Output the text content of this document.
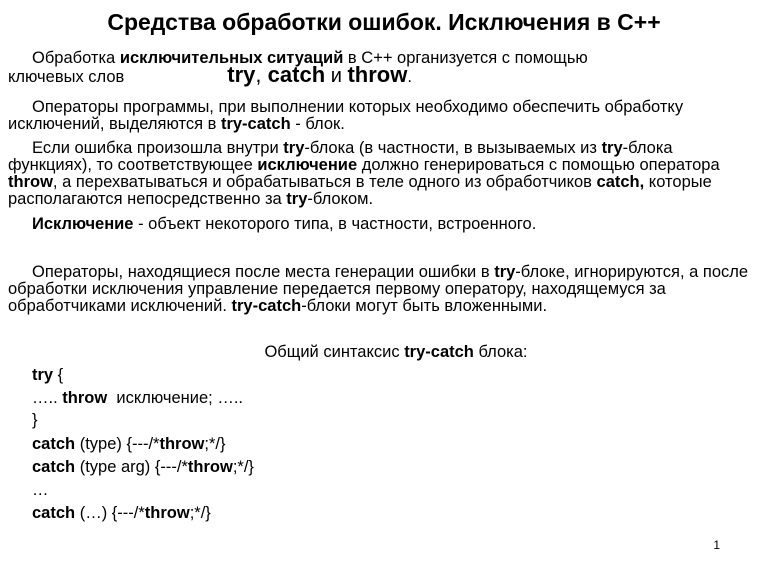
Средства обработки ошибок. Исключения в С++
Обработка исключительных ситуаций в С++ организуется с помощью
ключевых слов	try, catch и throw.
Операторы программы, при выполнении которых необходимо обеспечить обработку исключений, выделяются в try-catch - блок.
Если ошибка произошла внутри try-блока (в частности, в вызываемых из try-блока функциях), то соответствующее исключение должно генерироваться с помощью оператора throw, а перехватываться и обрабатываться в теле одного из обработчиков catch, которые располагаются непосредственно за try-блоком.
Исключение - объект некоторого типа, в частности, встроенного.
Операторы, находящиеся после места генерации ошибки в try-блоке, игнорируются, а после обработки исключения управление передается первому оператору, находящемуся за обработчиками исключений. try-catch-блоки могут быть вложенными.
Общий синтаксис try-catch блока:
try {
….. throw  исключение; …..
}
catch (type) {---/*throw;*/}
catch (type arg) {---/*throw;*/}
…
catch (…) {---/*throw;*/}
1
